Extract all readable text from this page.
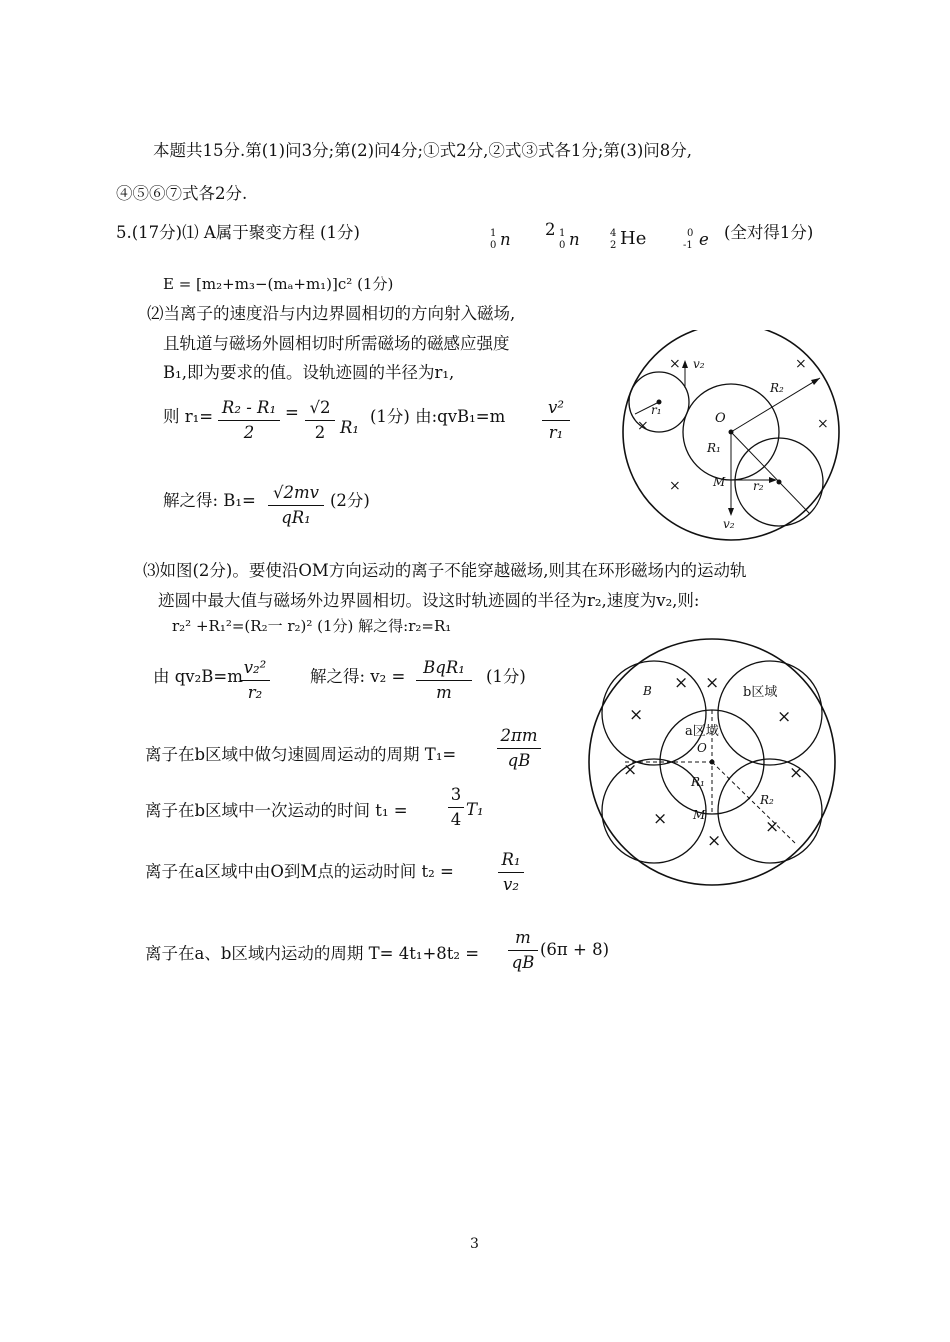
本题共15分.第(1)问3分;第(2)问4分;①式2分,②式③式各1分;第(3)问8分,
④⑤⑥⑦式各2分.
5.(17分)⑴ A属于聚变方程 (1分)	1
0 n
2 1
0 n	4
2 He	0
-1 e (全对得1分)
E = [m₂+m₃−(mₐ+m₁)]c² (1分)
⑵当离子的速度沿与内边界圆相切的方向射入磁场,
且轨道与磁场外圆相切时所需磁场的磁感应强度
B₁,即为要求的值。设轨迹圆的半径为r₁,
则 r₁= R₂ - R₁
2
= √2
2 R₁
(1分) 由:qvB₁=m	v²
r₁
解之得: B₁=	√2mv
qR₁
(2分)
v₂
r₁
O
R₁
R₂
M r₂
v₂
×	×
×	×
×
⑶如图(2分)。要使沿OM方向运动的离子不能穿越磁场,则其在环形磁场内的运动轨
迹圆中最大值与磁场外边界圆相切。设这时轨迹圆的半径为r₂,速度为v₂,则:
r₂² +R₁²=(R₂一 r₂)² (1分) 解之得:r₂=R₁
由 qv₂B=m v₂²
r₂
解之得: v₂ =	BqR₁
m
(1分)
离子在b区域中做匀速圆周运动的周期 T₁=
2πm
qB
离子在b区域中一次运动的时间 t₁ =
3
4
T₁
离子在a区域中由O到M点的运动时间 t₂ =
R₁
v₂
离子在a、b区域内运动的周期 T= 4t₁+8t₂ =
m
qB
(6π + 8)
B	b区域
a区域
O
R₁
M
R₂
×
×
×
×
×	×
×	×
×
3
